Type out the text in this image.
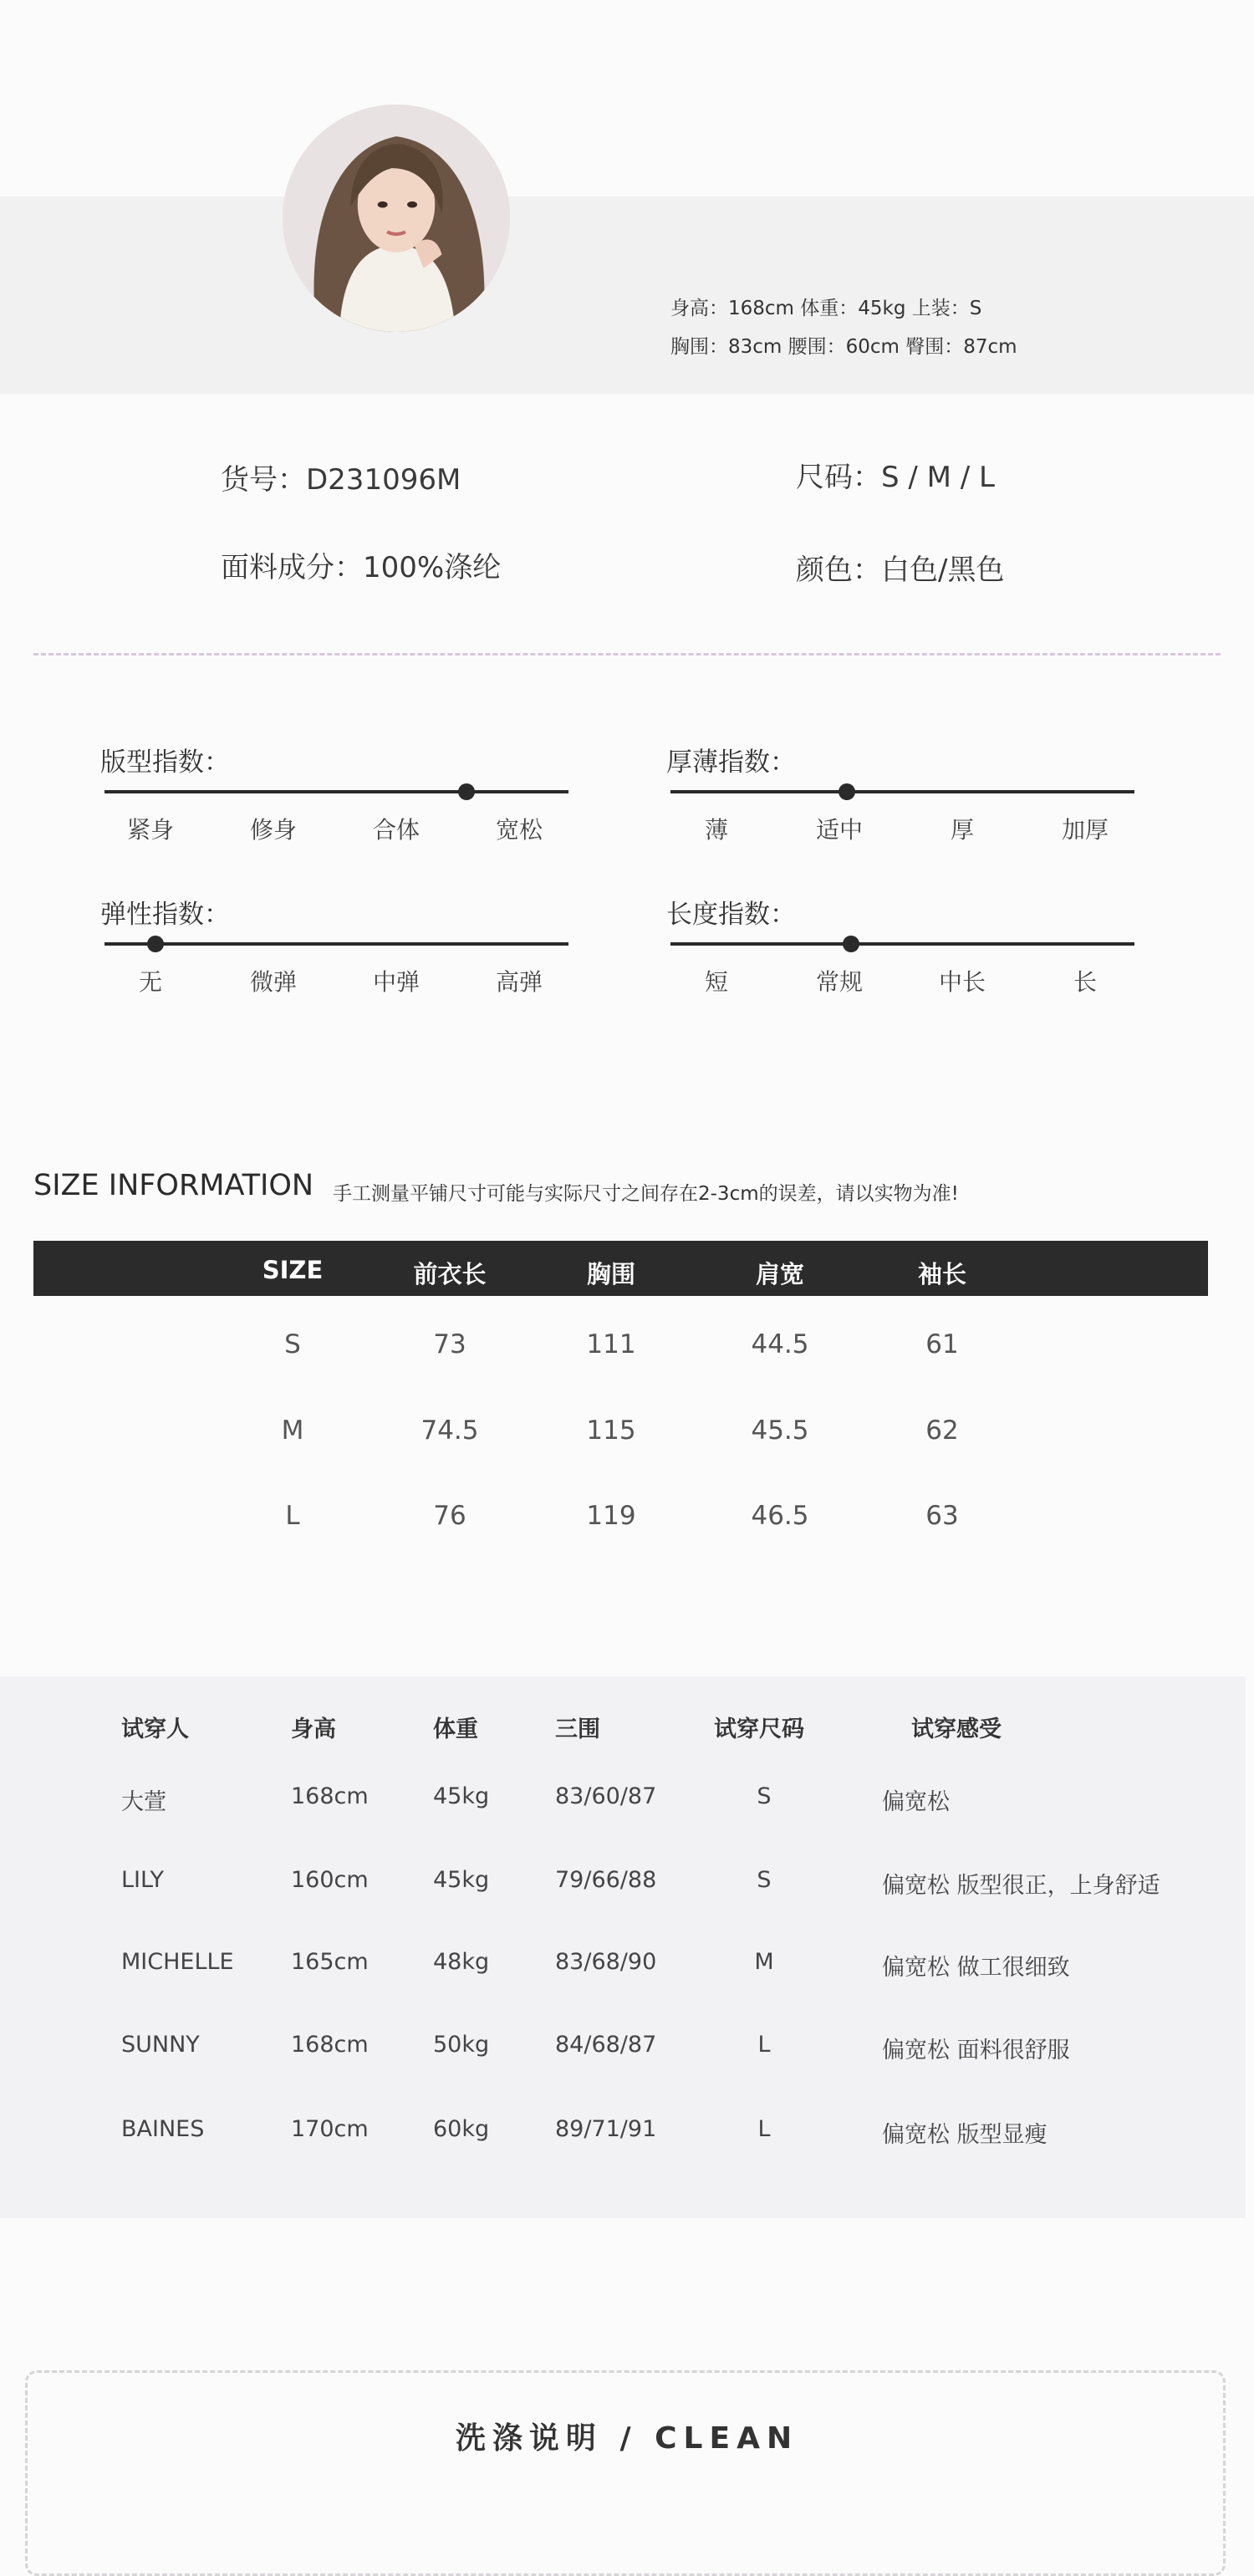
身高：168cm 体重：45kg 上装：S
胸围：83cm 腰围：60cm 臀围：87cm
货号：D231096M	尺码：S / M / L
面料成分：100%涤纶	颜色：白色/黑色
版型指数：
紧身	修身	合体	宽松
厚薄指数：
薄	适中	厚	加厚
弹性指数：
无	微弹	中弹	高弹
长度指数：
短	常规	中长	长
SIZE INFORMATION 手工测量平铺尺寸可能与实际尺寸之间存在2-3cm的误差，请以实物为准!
SIZE	前衣长	胸围	肩宽	袖长
S	73	111	44.5	61
M	74.5	115	45.5	62
L	76	119	46.5	63
试穿人	身高	体重	三围	试穿尺码	试穿感受
大萱	168cm	45kg	83/60/87	S	偏宽松
LILY	160cm	45kg	79/66/88	S	偏宽松 版型很正，上身舒适
MICHELLE	165cm	48kg	83/68/90	M	偏宽松 做工很细致
SUNNY	168cm	50kg	84/68/87	L	偏宽松 面料很舒服
BAINES	170cm	60kg	89/71/91	L	偏宽松 版型显瘦
洗涤说明 / CLEAN
